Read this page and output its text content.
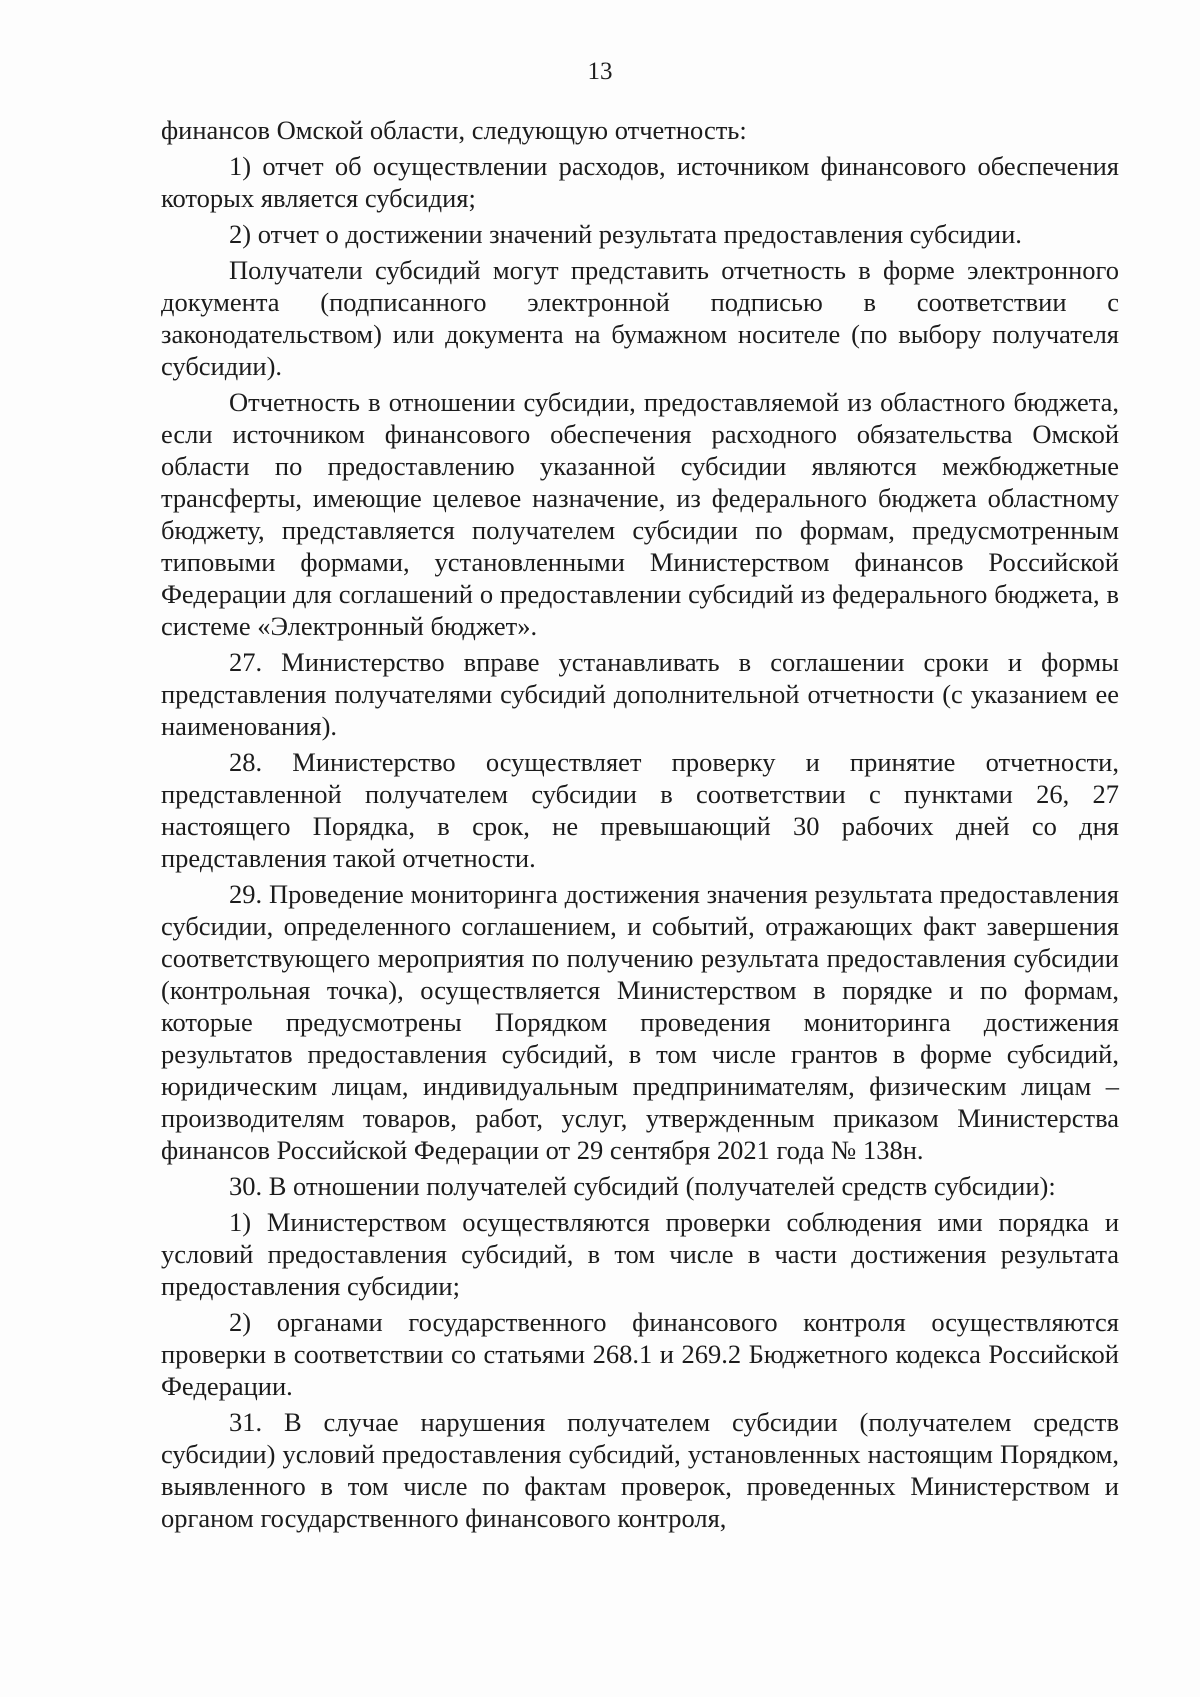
13

финансов Омской области, следующую отчетность:

1) отчет об осуществлении расходов, источником финансового обеспечения которых является субсидия;

2) отчет о достижении значений результата предоставления субсидии.

Получатели субсидий могут представить отчетность в форме электронного документа (подписанного электронной подписью в соответствии с законодательством) или документа на бумажном носителе (по выбору получателя субсидии).

Отчетность в отношении субсидии, предоставляемой из областного бюджета, если источником финансового обеспечения расходного обязательства Омской области по предоставлению указанной субсидии являются межбюджетные трансферты, имеющие целевое назначение, из федерального бюджета областному бюджету, представляется получателем субсидии по формам, предусмотренным типовыми формами, установленными Министерством финансов Российской Федерации для соглашений о предоставлении субсидий из федерального бюджета, в системе «Электронный бюджет».

27. Министерство вправе устанавливать в соглашении сроки и формы представления получателями субсидий дополнительной отчетности (с указанием ее наименования).

28. Министерство осуществляет проверку и принятие отчетности, представленной получателем субсидии в соответствии с пунктами 26, 27 настоящего Порядка, в срок, не превышающий 30 рабочих дней со дня представления такой отчетности.

29. Проведение мониторинга достижения значения результата предоставления субсидии, определенного соглашением, и событий, отражающих факт завершения соответствующего мероприятия по получению результата предоставления субсидии (контрольная точка), осуществляется Министерством в порядке и по формам, которые предусмотрены Порядком проведения мониторинга достижения результатов предоставления субсидий, в том числе грантов в форме субсидий, юридическим лицам, индивидуальным предпринимателям, физическим лицам – производителям товаров, работ, услуг, утвержденным приказом Министерства финансов Российской Федерации от 29 сентября 2021 года № 138н.

30. В отношении получателей субсидий (получателей средств субсидии):

1) Министерством осуществляются проверки соблюдения ими порядка и условий предоставления субсидий, в том числе в части достижения результата предоставления субсидии;

2) органами государственного финансового контроля осуществляются проверки в соответствии со статьями 268.1 и 269.2 Бюджетного кодекса Российской Федерации.

31. В случае нарушения получателем субсидии (получателем средств субсидии) условий предоставления субсидий, установленных настоящим Порядком, выявленного в том числе по фактам проверок, проведенных Министерством и органом государственного финансового контроля,
